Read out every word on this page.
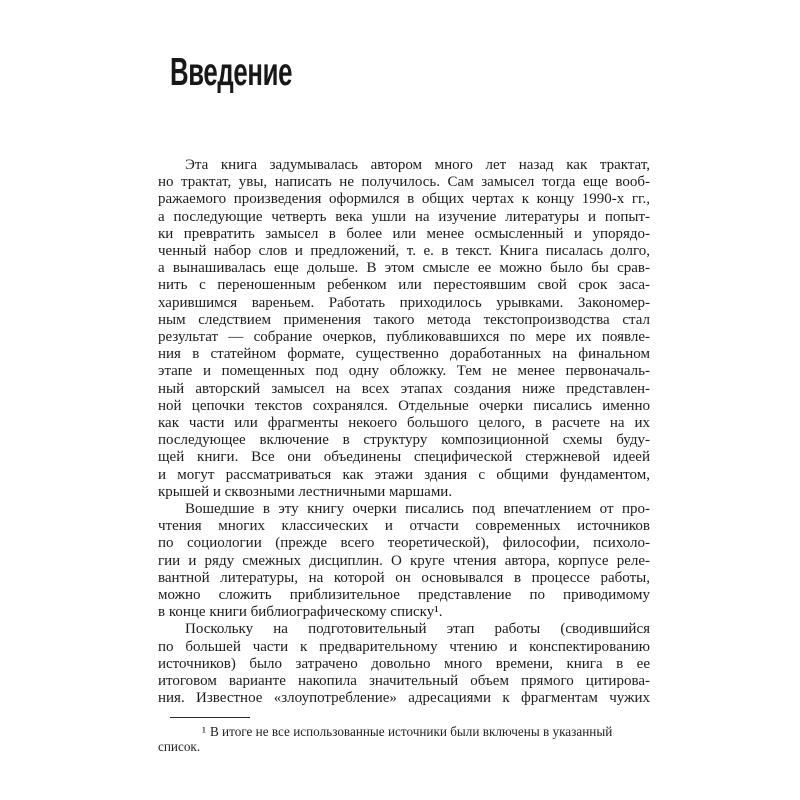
Введение
Эта книга задумывалась автором много лет назад как трактат,
но трактат, увы, написать не получилось. Сам замысел тогда еще вооб-
ражаемого произведения оформился в общих чертах к концу 1990-х гг.,
а последующие четверть века ушли на изучение литературы и попыт-
ки превратить замысел в более или менее осмысленный и упорядо-
ченный набор слов и предложений, т. е. в текст. Книга писалась долго,
а вынашивалась еще дольше. В этом смысле ее можно было бы срав-
нить с переношенным ребенком или перестоявшим свой срок заса-
харившимся вареньем. Работать приходилось урывками. Закономер-
ным следствием применения такого метода текстопроизводства стал
результат — собрание очерков, публиковавшихся по мере их появле-
ния в статейном формате, существенно доработанных на финальном
этапе и помещенных под одну обложку. Тем не менее первоначаль-
ный авторский замысел на всех этапах создания ниже представлен-
ной цепочки текстов сохранялся. Отдельные очерки писались именно
как части или фрагменты некоего большого целого, в расчете на их
последующее включение в структуру композиционной схемы буду-
щей книги. Все они объединены специфической стержневой идеей
и могут рассматриваться как этажи здания с общими фундаментом,
крышей и сквозными лестничными маршами.
Вошедшие в эту книгу очерки писались под впечатлением от про-
чтения многих классических и отчасти современных источников
по социологии (прежде всего теоретической), философии, психоло-
гии и ряду смежных дисциплин. О круге чтения автора, корпусе реле-
вантной литературы, на которой он основывался в процессе работы,
можно сложить приблизительное представление по приводимому
в конце книги библиографическому списку¹.
Поскольку на подготовительный этап работы (сводившийся
по большей части к предварительному чтению и конспектированию
источников) было затрачено довольно много времени, книга в ее
итоговом варианте накопила значительный объем прямого цитирова-
ния. Известное «злоупотребление» адресациями к фрагментам чужих

¹ В итоге не все использованные источники были включены в указанный список.
